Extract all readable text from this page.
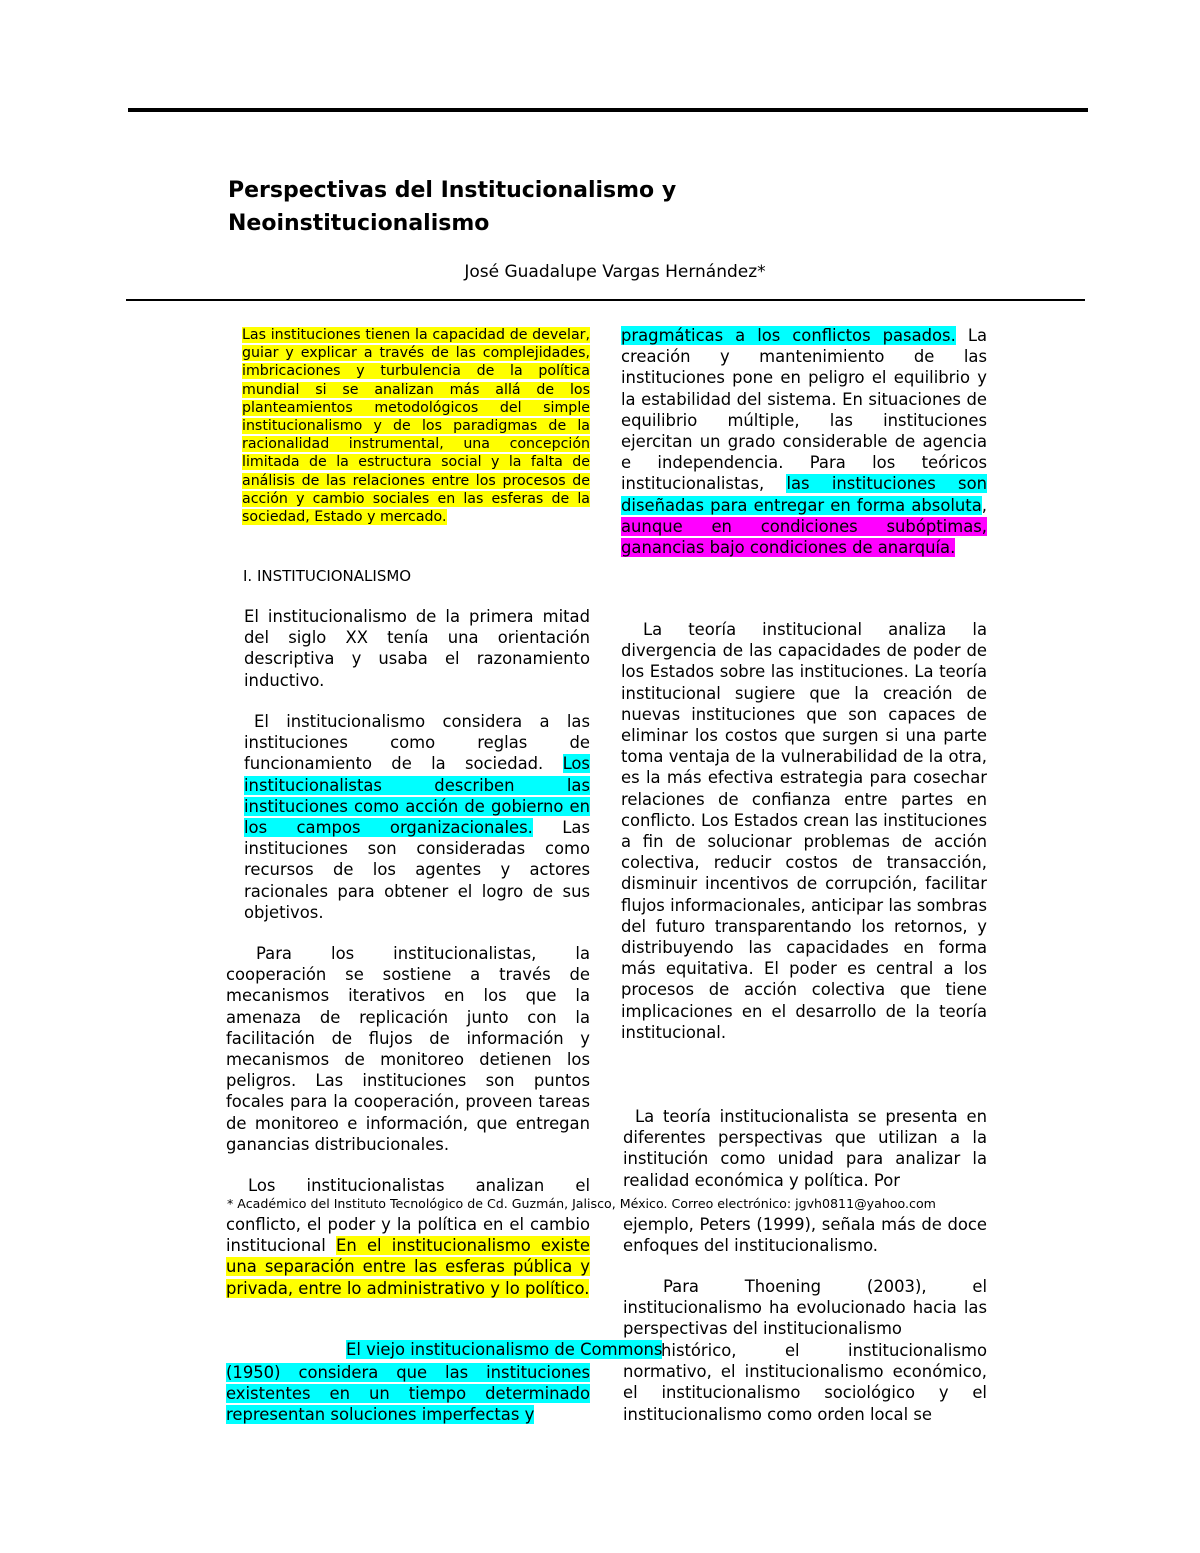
Perspectivas del Institucionalismo y
Neoinstitucionalismo

José Guadalupe Vargas Hernández*

Las instituciones tienen la capacidad de develar, guiar y explicar a través de las complejidades, imbricaciones y turbulencia de la política mundial si se analizan más allá de los planteamientos metodológicos del simple institucionalismo y de los paradigmas de la racionalidad instrumental, una concepción limitada de la estructura social y la falta de análisis de las relaciones entre los procesos de acción y cambio sociales en las esferas de la sociedad, Estado y mercado.

I. INSTITUCIONALISMO

El institucionalismo de la primera mitad del siglo XX tenía una orientación descriptiva y usaba el razonamiento inductivo.

El institucionalismo considera a las instituciones como reglas de funcionamiento de la sociedad. Los institucionalistas describen las instituciones como acción de gobierno en los campos organizacionales. Las instituciones son consideradas como recursos de los agentes y actores racionales para obtener el logro de sus objetivos.

Para los institucionalistas, la cooperación se sostiene a través de mecanismos iterativos en los que la amenaza de replicación junto con la facilitación de flujos de información y mecanismos de monitoreo detienen los peligros. Las instituciones son puntos focales para la cooperación, proveen tareas de monitoreo e información, que entregan ganancias distribucionales.

Los institucionalistas analizan el

conflicto, el poder y la política en el cambio institucional En el institucionalismo existe una separación entre las esferas pública y privada, entre lo administrativo y lo político.

El viejo institucionalismo de Commons

(1950) considera que las instituciones existentes en un tiempo determinado representan soluciones imperfectas y

pragmáticas a los conflictos pasados. La creación y mantenimiento de las instituciones pone en peligro el equilibrio y la estabilidad del sistema. En situaciones de equilibrio múltiple, las instituciones ejercitan un grado considerable de agencia e independencia. Para los teóricos institucionalistas, las instituciones son diseñadas para entregar en forma absoluta, aunque en condiciones subóptimas, ganancias bajo condiciones de anarquía.

La teoría institucional analiza la divergencia de las capacidades de poder de los Estados sobre las instituciones. La teoría institucional sugiere que la creación de nuevas instituciones que son capaces de eliminar los costos que surgen si una parte toma ventaja de la vulnerabilidad de la otra, es la más efectiva estrategia para cosechar relaciones de confianza entre partes en conflicto. Los Estados crean las instituciones a fin de solucionar problemas de acción colectiva, reducir costos de transacción, disminuir incentivos de corrupción, facilitar flujos informacionales, anticipar las sombras del futuro transparentando los retornos, y distribuyendo las capacidades en forma más equitativa. El poder es central a los procesos de acción colectiva que tiene implicaciones en el desarrollo de la teoría institucional.

La teoría institucionalista se presenta en diferentes perspectivas que utilizan a la institución como unidad para analizar la realidad económica y política. Por

ejemplo, Peters (1999), señala más de doce enfoques del institucionalismo.

Para Thoening (2003), el institucionalismo ha evolucionado hacia las perspectivas del institucionalismo

histórico, el institucionalismo normativo, el institucionalismo económico, el institucionalismo sociológico y el institucionalismo como orden local se

* Académico del Instituto Tecnológico de Cd. Guzmán, Jalisco, México. Correo electrónico: jgvh0811@yahoo.com
